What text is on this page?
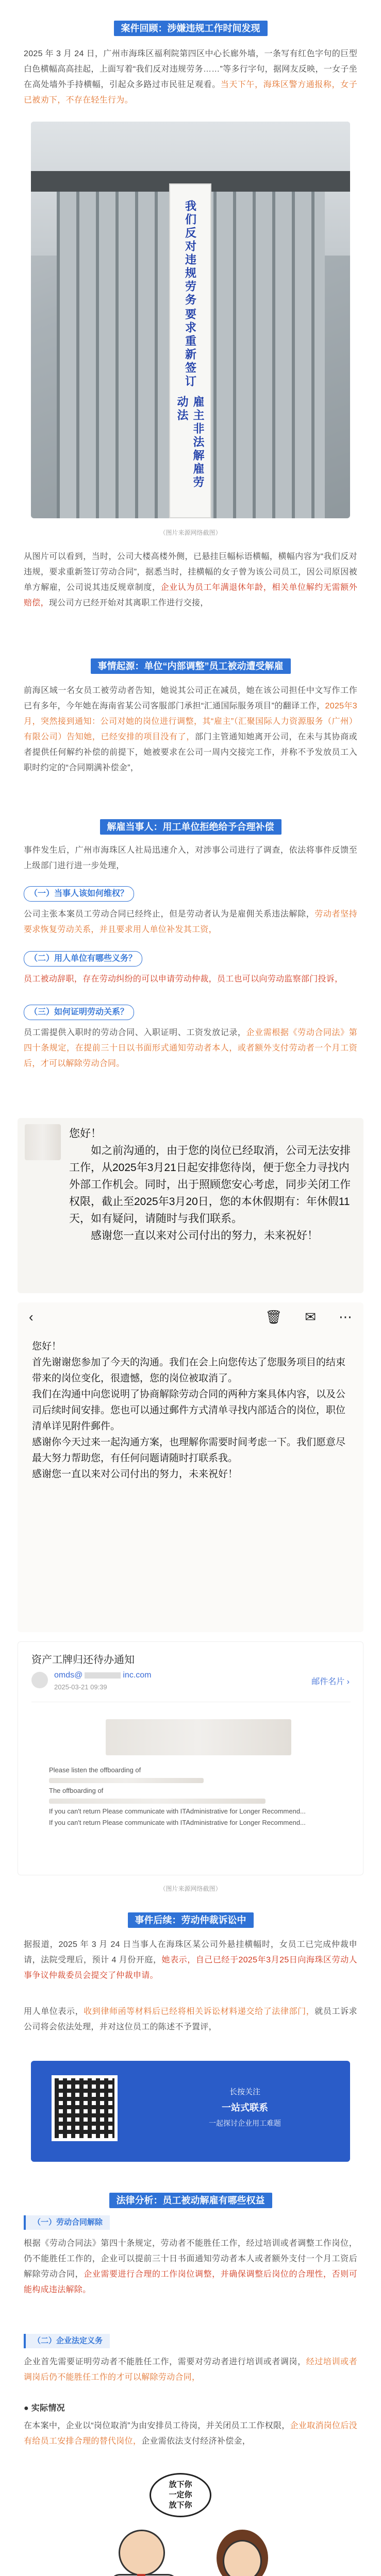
案件回顾：涉嫌违规工作时间发现

2025 年 3 月 24 日，广州市海珠区福利院第四区中心长廊外墙，一条写有红色字句的巨型白色横幅高高挂起，上面写着“我们反对违规劳务……”等多行字句，据网友反映，一女子坐在高处墙外手持横幅，引起众多路过市民驻足观看。当天下午，海珠区警方通报称，女子已被劝下，不存在轻生行为。

我们反对违规劳务
要求重新签订
雇主非法解雇劳动法
（图片来源网络截图）

从图片可以看到，当时，公司大楼高楼外侧，已悬挂巨幅标语横幅，横幅内容为“我们反对违规，要求重新签订劳动合同”，据悉当时，挂横幅的女子曾为该公司员工，因公司原因被单方解雇，公司说其违反规章制度，企业认为员工年满退休年龄，相关单位解约无需额外赔偿，现公司方已经开始对其离职工作进行交接，

事情起源：单位“内部调整”员工被动遭受解雇

前海区域一名女员工被劳动者告知，她说其公司正在减员，她在该公司担任中文写作工作已有多年，今年她在海南省某公司客服部门承担“汇通国际服务项目”的翻译工作，2025年3月，突然接到通知：公司对她的岗位进行调整，其“雇主”（汇聚国际人力资源服务（广州）有限公司）告知她，已经安排的项目没有了，部门主管通知她离开公司，在未与其协商或者提供任何解约补偿的前提下，她被要求在公司一周内交接完工作，并称不予发放员工入职时约定的“合同期满补偿金”，

解雇当事人：用工单位拒绝给予合理补偿

事件发生后，广州市海珠区人社局迅速介入，对涉事公司进行了调查，依法将事件反馈至上级部门进行进一步处理，

（一）当事人该如何维权？

公司主张本案员工劳动合同已经终止，但是劳动者认为是雇佣关系违法解除，劳动者坚持要求恢复劳动关系，并且要求用人单位补发其工资，

（二）用人单位有哪些义务？

员工被动辞职，存在劳动纠纷的可以申请劳动仲裁，员工也可以向劳动监察部门投诉，

（三）如何证明劳动关系？

员工需提供入职时的劳动合同、入职证明、工资发放记录，企业需根据《劳动合同法》第四十条规定，在提前三十日以书面形式通知劳动者本人，或者额外支付劳动者一个月工资后，才可以解除劳动合同。

您好！
如之前沟通的，由于您的岗位已经取消，公司无法安排工作，从2025年3月21日起安排您待岗，便于您全力寻找内外部工作机会。同时，出于照顾您安心考虑，同步关闭工作权限，截止至2025年3月20日，您的本休假期有：年休假11天，如有疑问，请随时与我们联系。
感谢您一直以来对公司付出的努力，未来祝好！
‹	🗑 ✉ ⋯
您好！
首先谢谢您参加了今天的沟通。我们在会上向您传达了您服务项目的结束带来的岗位变化，很遗憾，您的岗位被取消了。
我们在沟通中向您说明了协商解除劳动合同的两种方案具体内容，以及公司后续时间安排。您也可以通过郵件方式清单寻找内部适合的岗位，职位清单详见附件郵件。
感谢你今天过来一起沟通方案，也理解你需要时间考虑一下。我们愿意尽最大努力帮助您，有任何问题请随时打联系我。
感谢您一直以来对公司付出的努力，未来祝好！
资产工牌归还待办通知
omds@	inc.com
2025-03-21 09:39
邮件名片 ›
Please listen the offboarding of
The offboarding of
If you can't return Please communicate with ITAdministrative for Longer Recommend...
If you can't return Please communicate with ITAdministrative for Longer Recommend...
（图片来源网络截图）
事件后续：劳动仲裁诉讼中

据报道，2025 年 3 月 24 日当事人在海珠区某公司外悬挂横幅时，女员工已完成仲裁申请，法院受理后，预计 4 月份开庭，她表示，自己已经于2025年3月25日向海珠区劳动人事争议仲裁委员会提交了仲裁申请。

用人单位表示，收到律师函等材料后已经将相关诉讼材料递交给了法律部门，就员工诉求公司将会依法处理，并对这位员工的陈述不予置评，

长按关注
一站式联系
一起探讨企业用工难题
法律分析：员工被动解雇有哪些权益
（一）劳动合同解除

根据《劳动合同法》第四十条规定，劳动者不能胜任工作，经过培训或者调整工作岗位，仍不能胜任工作的，企业可以提前三十日书面通知劳动者本人或者额外支付一个月工资后解除劳动合同，企业需要进行合理的工作岗位调整，并确保调整后岗位的合理性，否则可能构成违法解除。

（二）企业法定义务

企业首先需要证明劳动者不能胜任工作，需要对劳动者进行培训或者调岗，经过培训或者调岗后仍不能胜任工作的才可以解除劳动合同，

● 实际情况

在本案中，企业以“岗位取消”为由安排员工待岗，并关闭员工工作权限，企业取消岗位后没有给员工安排合理的替代岗位，企业需依法支付经济补偿金，

放下你
一定你
放下你
